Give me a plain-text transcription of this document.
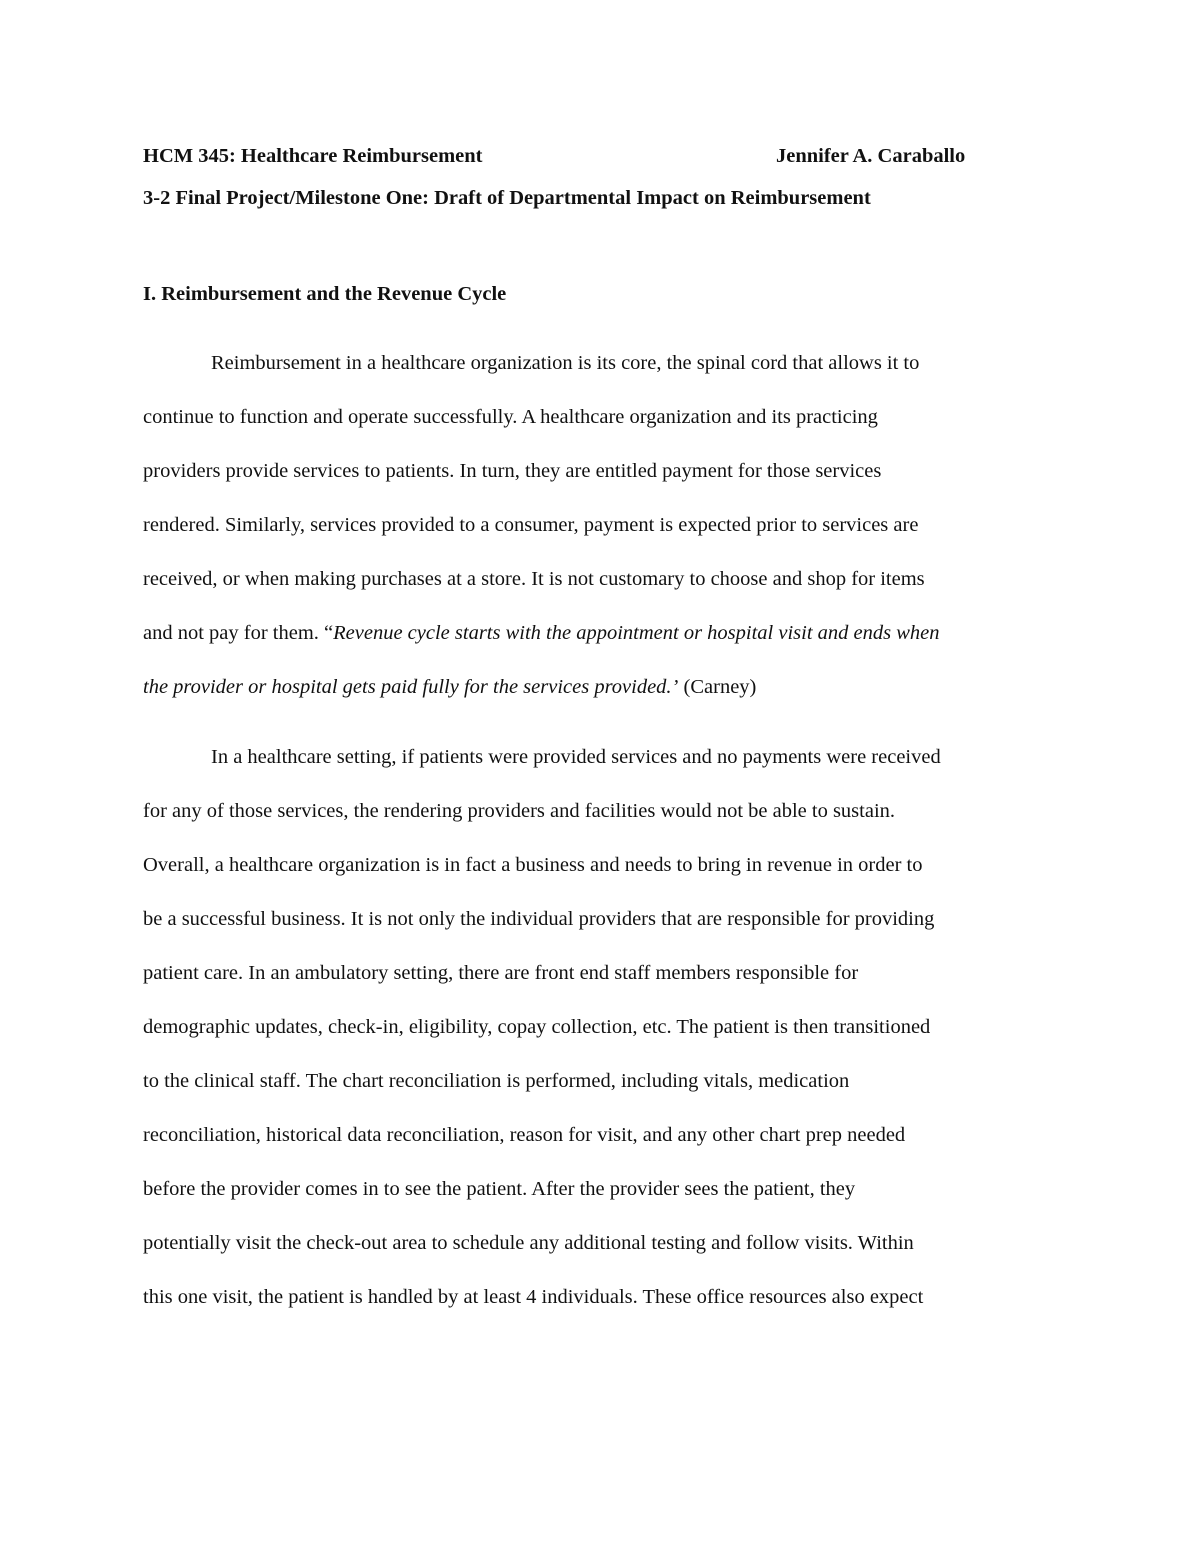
HCM 345: Healthcare Reimbursement	Jennifer A. Caraballo

3-2 Final Project/Milestone One: Draft of Departmental Impact on Reimbursement

I. Reimbursement and the Revenue Cycle

Reimbursement in a healthcare organization is its core, the spinal cord that allows it to

continue to function and operate successfully. A healthcare organization and its practicing

providers provide services to patients. In turn, they are entitled payment for those services

rendered. Similarly, services provided to a consumer, payment is expected prior to services are

received, or when making purchases at a store. It is not customary to choose and shop for items

and not pay for them. “Revenue cycle starts with the appointment or hospital visit and ends when

the provider or hospital gets paid fully for the services provided.’ (Carney)

In a healthcare setting, if patients were provided services and no payments were received

for any of those services, the rendering providers and facilities would not be able to sustain.

Overall, a healthcare organization is in fact a business and needs to bring in revenue in order to

be a successful business. It is not only the individual providers that are responsible for providing

patient care. In an ambulatory setting, there are front end staff members responsible for

demographic updates, check-in, eligibility, copay collection, etc. The patient is then transitioned

to the clinical staff. The chart reconciliation is performed, including vitals, medication

reconciliation, historical data reconciliation, reason for visit, and any other chart prep needed

before the provider comes in to see the patient. After the provider sees the patient, they

potentially visit the check-out area to schedule any additional testing and follow visits. Within

this one visit, the patient is handled by at least 4 individuals. These office resources also expect
